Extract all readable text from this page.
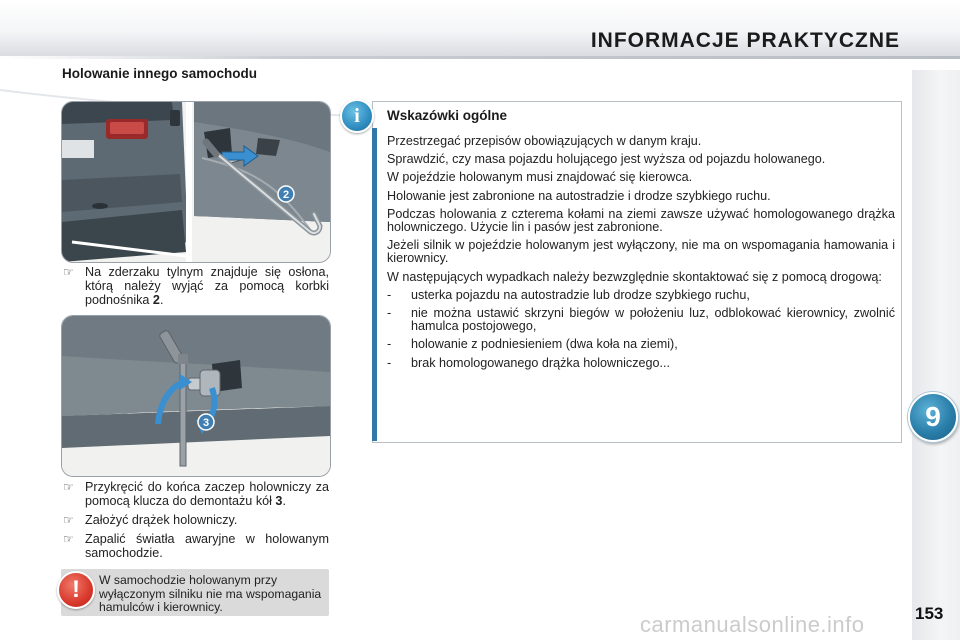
INFORMACJE PRAKTYCZNE
9
153
carmanualsonline.info
Holowanie innego samochodu
2
☞ Na zderzaku tylnym znajduje się osłona, którą należy wyjąć za pomocą korbki podnośnika 2.
3
☞ Przykręcić do końca zaczep holowniczy za pomocą klucza do demontażu kół 3.
☞ Założyć drążek holowniczy.
☞ Zapalić światła awaryjne w holowanym samochodzie.
!	W samochodzie holowanym przy wyłączonym silniku nie ma wspomagania hamulców i kierownicy.
i	Wskazówki ogólne

Przestrzegać przepisów obowiązujących w danym kraju.

Sprawdzić, czy masa pojazdu holującego jest wyższa od pojazdu holowanego.

W pojeździe holowanym musi znajdować się kierowca.

Holowanie jest zabronione na autostradzie i drodze szybkiego ruchu.

Podczas holowania z czterema kołami na ziemi zawsze używać homologowanego drążka holowniczego. Użycie lin i pasów jest zabronione.

Jeżeli silnik w pojeździe holowanym jest wyłączony, nie ma on wspomagania hamowania i kierownicy.

W następujących wypadkach należy bezwzględnie skontaktować się z pomocą drogową:

- usterka pojazdu na autostradzie lub drodze szybkiego ruchu,
- nie można ustawić skrzyni biegów w położeniu luz, odblokować kierownicy, zwolnić hamulca postojowego,
- holowanie z podniesieniem (dwa koła na ziemi),
- brak homologowanego drążka holowniczego...
